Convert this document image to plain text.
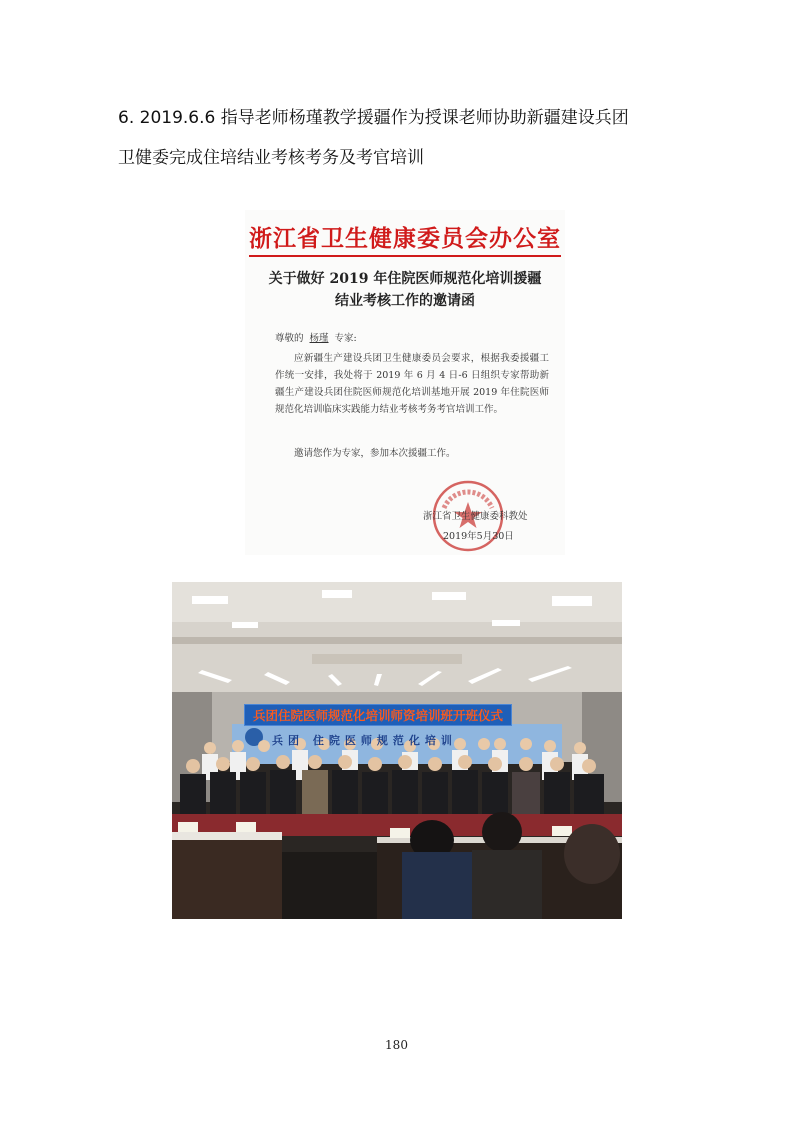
6. 2019.6.6 指导老师杨瑾教学援疆作为授课老师协助新疆建设兵团
卫健委完成住培结业考核考务及考官培训
浙江省卫生健康委员会办公室
关于做好 2019 年住院医师规范化培训援疆
结业考核工作的邀请函
尊敬的 杨瑾 专家:
应新疆生产建设兵团卫生健康委员会要求，根据我委援疆工作统一安排，我处将于 2019 年 6 月 4 日-6 日组织专家帮助新疆生产建设兵团住院医师规范化培训基地开展 2019 年住院医师规范化培训临床实践能力结业考核考务考官培训工作。
邀请您作为专家，参加本次援疆工作。
浙江省卫生健康委科教处
2019年5月30日
兵团住院医师规范化培训师资培训班开班仪式
兵团 住院医师规范化培训
180
